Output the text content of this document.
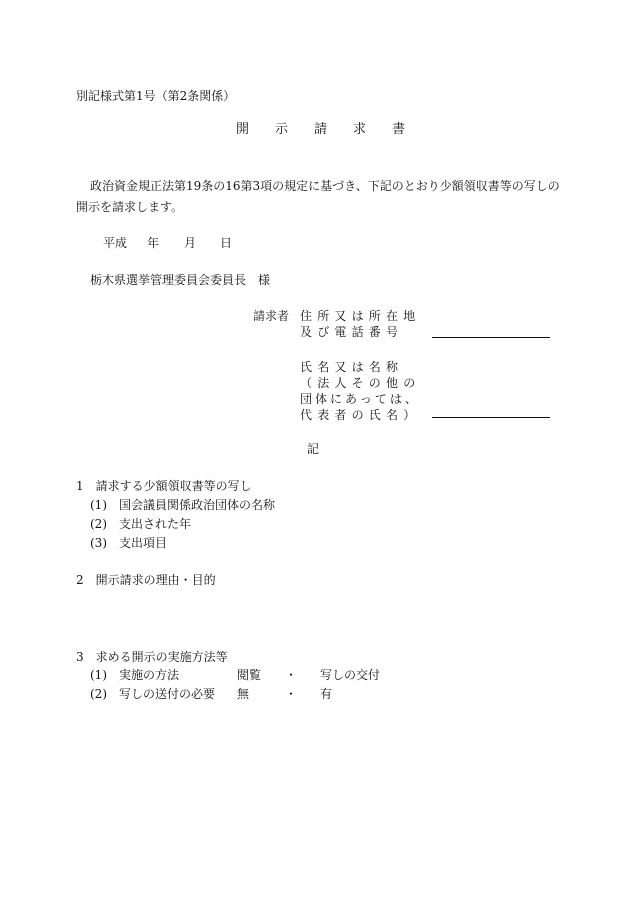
別記様式第1号（第2条関係）
開示請求書
政治資金規正法第19条の16第3項の規定に基づき、下記のとおり少額領収書等の写しの
開示を請求します。
平成 年 月 日
栃木県選挙管理委員会委員長　様
請求者 住所又は所在地
及び電話番号
氏名又は名称
（法人その他の
団体にあっては、
代表者の氏名）
記
1　請求する少額領収書等の写し
(1)　国会議員関係政治団体の名称
(2)　支出された年
(3)　支出項目
2　開示請求の理由・目的
3　求める開示の実施方法等
(1)　実施の方法	閲覧 ・ 写しの交付
(2)　写しの送付の必要 無	・ 有
